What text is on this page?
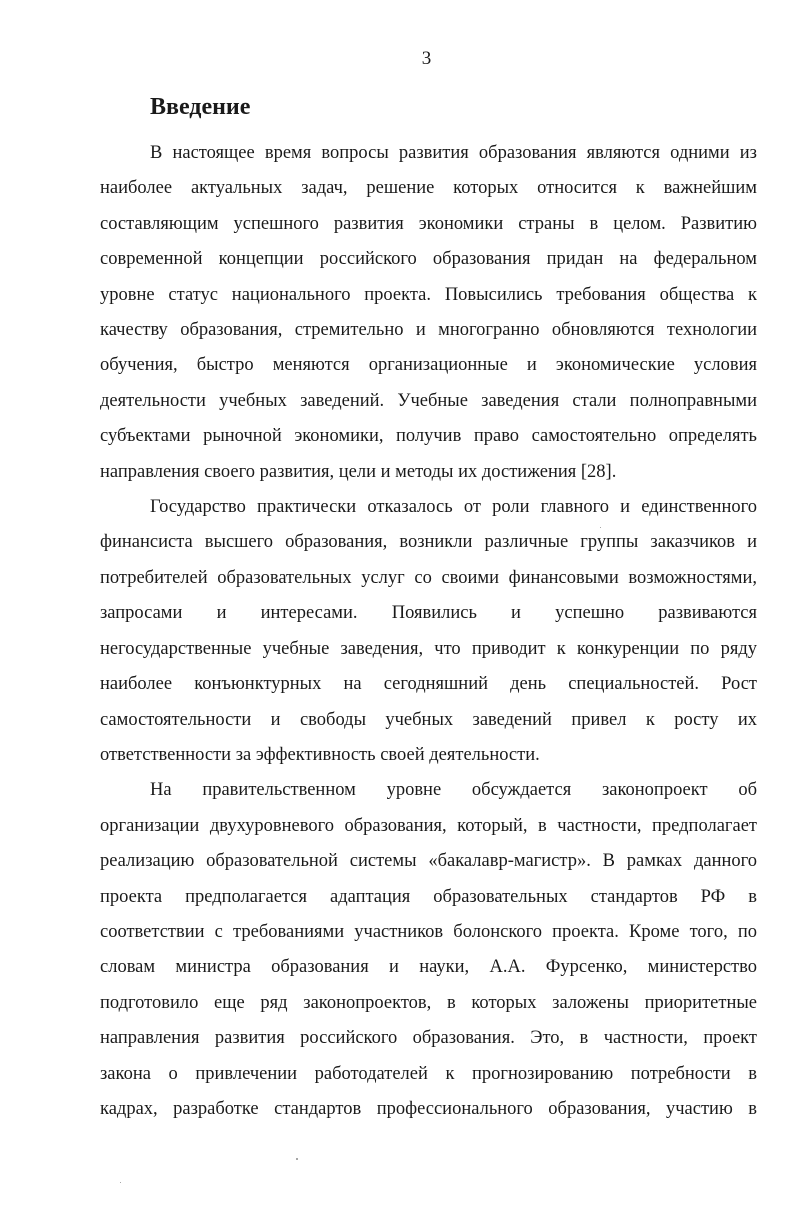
3
Введение

В настоящее время вопросы развития образования являются одними из
наиболее актуальных задач, решение которых относится к важнейшим
составляющим успешного развития экономики страны в целом. Развитию
современной концепции российского образования придан на федеральном
уровне статус национального проекта. Повысились требования общества к
качеству образования, стремительно и многогранно обновляются технологии
обучения, быстро меняются организационные и экономические условия
деятельности учебных заведений. Учебные заведения стали полноправными
субъектами рыночной экономики, получив право самостоятельно определять
направления своего развития, цели и методы их достижения [28].

Государство практически отказалось от роли главного и единственного
финансиста высшего образования, возникли различные группы заказчиков и
потребителей образовательных услуг со своими финансовыми возможностями,
запросами и интересами. Появились и успешно развиваются
негосударственные учебные заведения, что приводит к конкуренции по ряду
наиболее конъюнктурных на сегодняшний день специальностей. Рост
самостоятельности и свободы учебных заведений привел к росту их
ответственности за эффективность своей деятельности.

На правительственном уровне обсуждается законопроект об
организации двухуровневого образования, который, в частности, предполагает
реализацию образовательной системы «бакалавр-магистр». В рамках данного
проекта предполагается адаптация образовательных стандартов РФ в
соответствии с требованиями участников болонского проекта. Кроме того, по
словам министра образования и науки, А.А. Фурсенко, министерство
подготовило еще ряд законопроектов, в которых заложены приоритетные
направления развития российского образования. Это, в частности, проект
закона о привлечении работодателей к прогнозированию потребности в
кадрах, разработке стандартов профессионального образования, участию в
